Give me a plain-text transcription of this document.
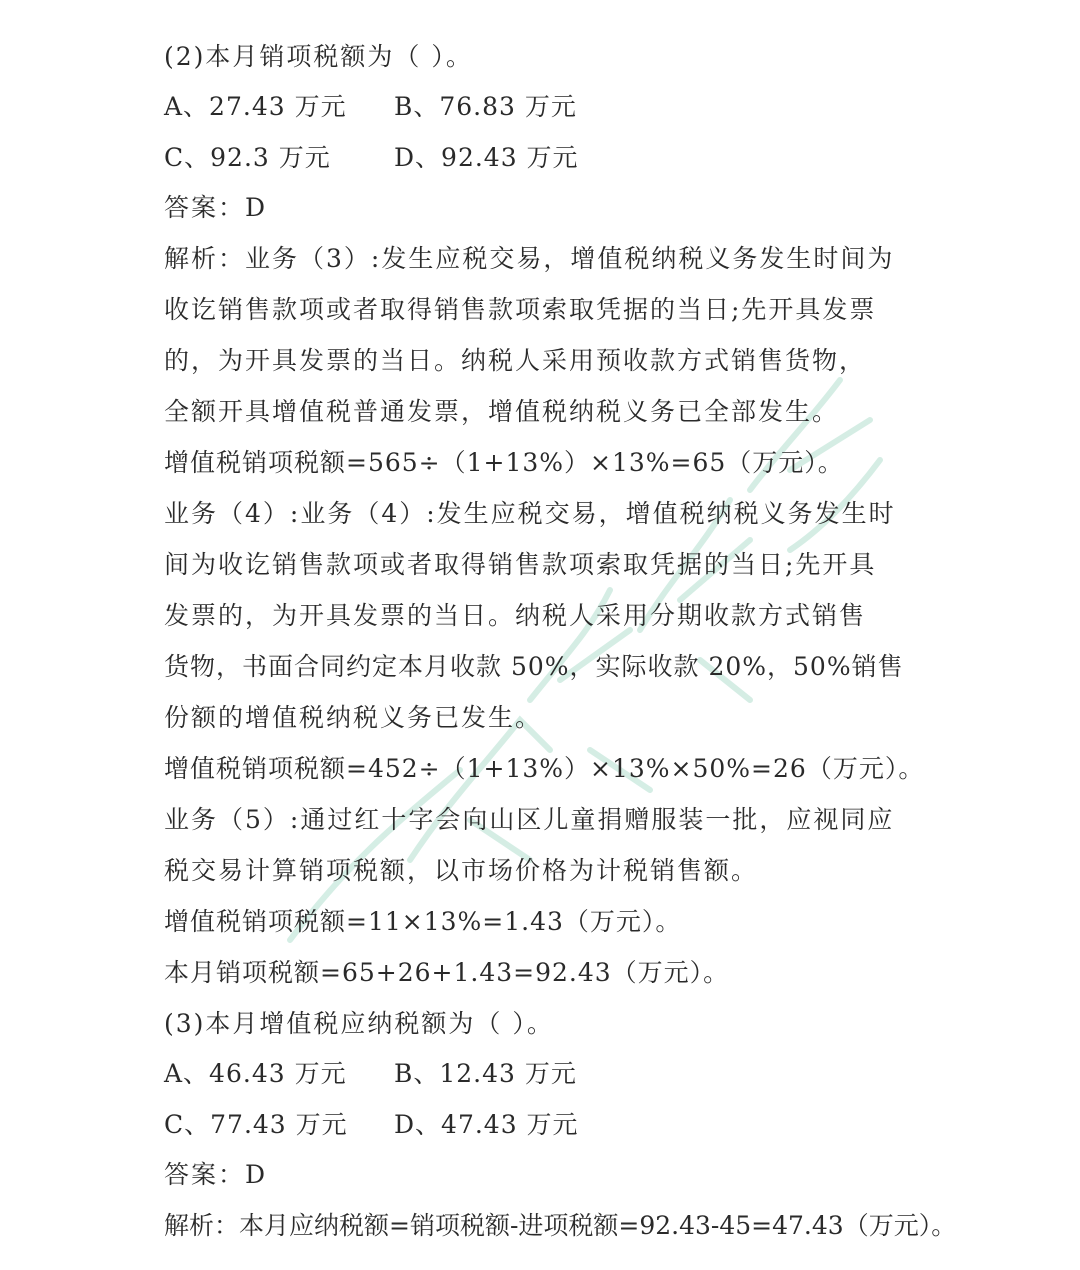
(2)本月销项税额为（ ）。
A、27.43 万元 B、76.83 万元
C、92.3 万元	D、92.43 万元
答案：D
解析：业务（3）:发生应税交易，增值税纳税义务发生时间为
收讫销售款项或者取得销售款项索取凭据的当日;先开具发票
的，为开具发票的当日。纳税人采用预收款方式销售货物，
全额开具增值税普通发票，增值税纳税义务已全部发生。
增值税销项税额=565÷（1+13%）×13%=65（万元）。
业务（4）:业务（4）:发生应税交易，增值税纳税义务发生时
间为收讫销售款项或者取得销售款项索取凭据的当日;先开具
发票的，为开具发票的当日。纳税人采用分期收款方式销售
货物，书面合同约定本月收款 50%，实际收款 20%，50%销售
份额的增值税纳税义务已发生。
增值税销项税额=452÷（1+13%）×13%×50%=26（万元）。
业务（5）:通过红十字会向山区儿童捐赠服装一批，应视同应
税交易计算销项税额，以市场价格为计税销售额。
增值税销项税额=11×13%=1.43（万元）。
本月销项税额=65+26+1.43=92.43（万元）。
(3)本月增值税应纳税额为（ ）。
A、46.43 万元 B、12.43 万元
C、77.43 万元 D、47.43 万元
答案：D
解析：本月应纳税额=销项税额-进项税额=92.43-45=47.43（万元）。
